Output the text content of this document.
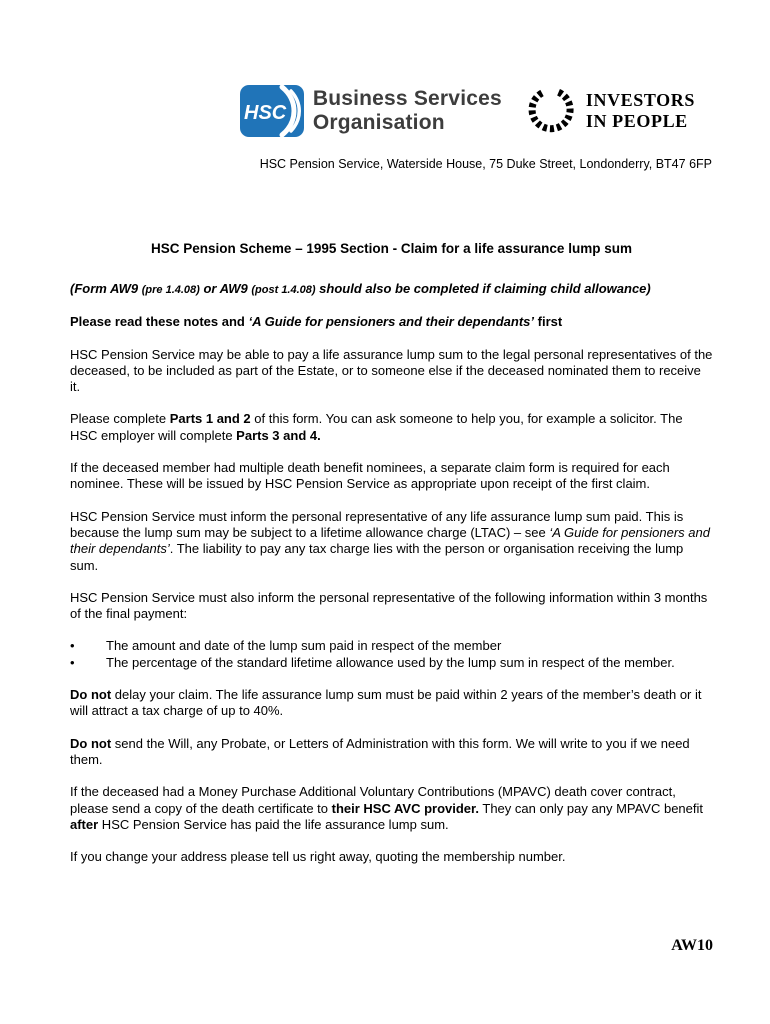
HSC
Business Services
Organisation
INVESTORS
IN PEOPLE
HSC Pension Service, Waterside House, 75 Duke Street, Londonderry, BT47 6FP
HSC Pension Scheme – 1995 Section - Claim for a life assurance lump sum

(Form AW9 (pre 1.4.08) or AW9 (post 1.4.08) should also be completed if claiming child allowance)

Please read these notes and ‘A Guide for pensioners and their dependants’ first

HSC Pension Service may be able to pay a life assurance lump sum to the legal personal representatives of the deceased, to be included as part of the Estate, or to someone else if the deceased nominated them to receive it.

Please complete Parts 1 and 2 of this form. You can ask someone to help you, for example a solicitor. The HSC employer will complete Parts 3 and 4.

If the deceased member had multiple death benefit nominees, a separate claim form is required for each nominee. These will be issued by HSC Pension Service as appropriate upon receipt of the first claim.

HSC Pension Service must inform the personal representative of any life assurance lump sum paid. This is because the lump sum may be subject to a lifetime allowance charge (LTAC) – see ‘A Guide for pensioners and their dependants’. The liability to pay any tax charge lies with the person or organisation receiving the lump sum.

HSC Pension Service must also inform the personal representative of the following information within 3 months of the final payment:

•	The amount and date of the lump sum paid in respect of the member
•	The percentage of the standard lifetime allowance used by the lump sum in respect of the member.

Do not delay your claim. The life assurance lump sum must be paid within 2 years of the member’s death or it will attract a tax charge of up to 40%.

Do not send the Will, any Probate, or Letters of Administration with this form. We will write to you if we need them.

If the deceased had a Money Purchase Additional Voluntary Contributions (MPAVC) death cover contract, please send a copy of the death certificate to their HSC AVC provider. They can only pay any MPAVC benefit after HSC Pension Service has paid the life assurance lump sum.

If you change your address please tell us right away, quoting the membership number.

AW10
